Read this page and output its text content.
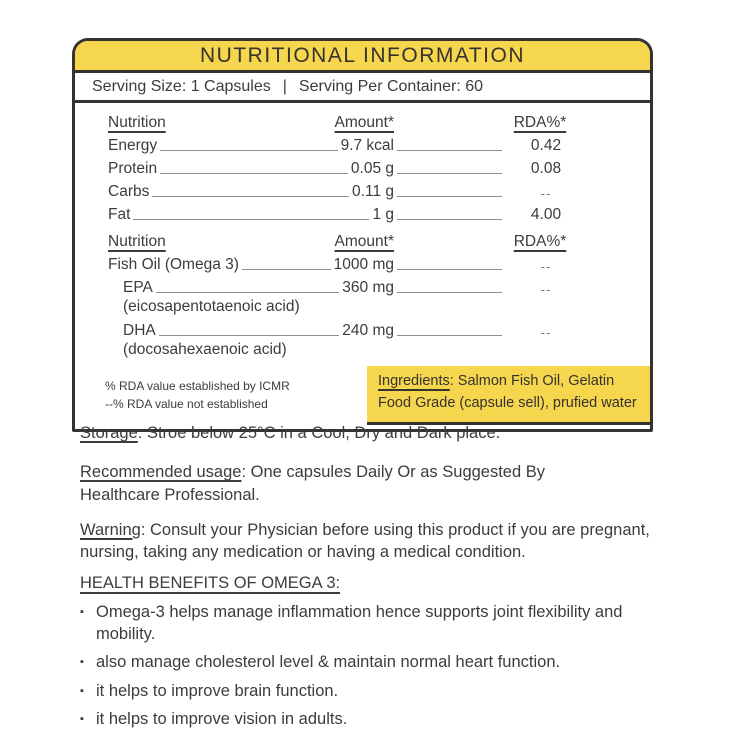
NUTRITIONAL INFORMATION
Serving Size: 1 Capsules | Serving Per Container: 60
Nutrition	Amount*	RDA%*
Energy	9.7 kcal	0.42
Protein	0.05 g	0.08
Carbs	0.11 g	--
Fat	1 g	4.00
Nutrition	Amount*	RDA%*
Fish Oil (Omega 3)	1000 mg	--
EPA	360 mg	--
(eicosapentotaenoic acid)
DHA	240 mg	--
(docosahexaenoic acid)
% RDA value established by ICMR
--% RDA value not established
Ingredients: Salmon Fish Oil, Gelatin Food Grade (capsule sell), prufied water
Storage: Stroe below 25°C in a Cool, Dry and Dark place.
Recommended usage: One capsules Daily Or as Suggested By Healthcare Professional.
Warning: Consult your Physician before using this product if you are pregnant, nursing, taking any medication or having a medical condition.
HEALTH BENEFITS OF OMEGA 3:
▪ Omega-3 helps manage inflammation hence supports joint flexibility and mobility.
▪ also manage cholesterol level & maintain normal heart function.
▪ it helps to improve brain function.
▪ it helps to improve vision in adults.
